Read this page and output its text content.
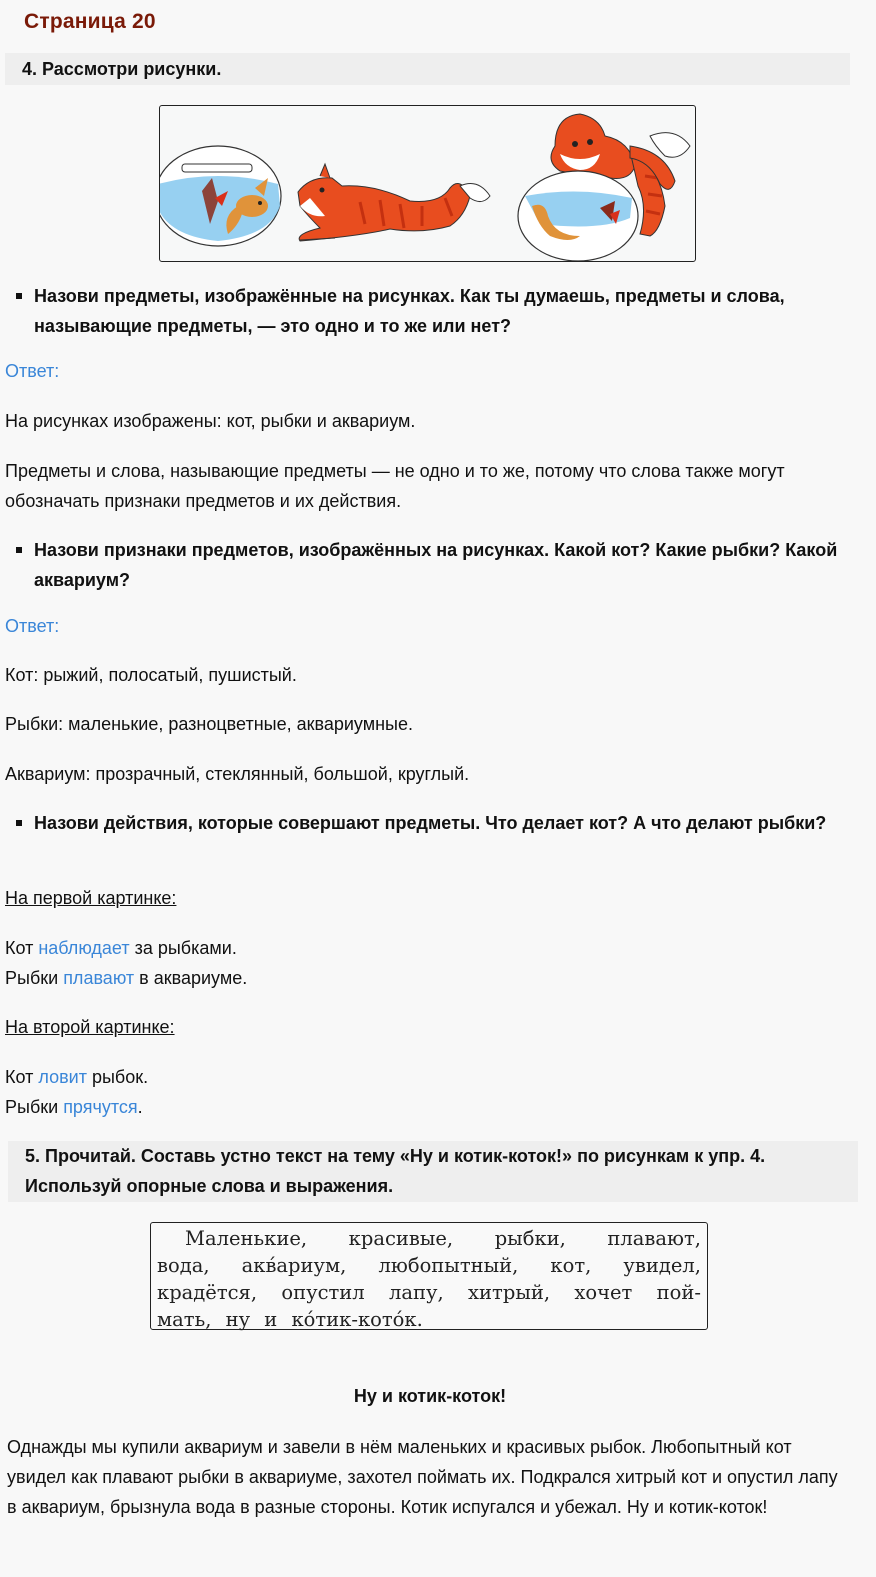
Страница 20
4. Рассмотри рисунки.
Назови предметы, изображённые на рисунках. Как ты думаешь, предметы и слова, называющие предметы, — это одно и то же или нет?
Ответ:
На рисунках изображены: кот, рыбки и аквариум.
Предметы и слова, называющие предметы — не одно и то же, потому что слова также могут обозначать признаки предметов и их действия.
Назови признаки предметов, изображённых на рисунках. Какой кот? Какие рыбки? Какой аквариум?
Ответ:
Кот: рыжий, полосатый, пушистый.
Рыбки: маленькие, разноцветные, аквариумные.
Аквариум: прозрачный, стеклянный, большой, круглый.
Назови действия, которые совершают предметы. Что делает кот? А что делают рыбки?
На первой картинке:
Кот наблюдает за рыбками.
Рыбки плавают в аквариуме.
На второй картинке:
Кот ловит рыбок.
Рыбки прячутся.
5. Прочитай. Составь устно текст на тему «Ну и котик-коток!» по рисункам к упр. 4.
Используй опорные слова и выражения.
Маленькие, красивые, рыбки, плавают,
вода, акв́ариум, любопытный, кот, увидел,
крадётся, опустил лапу, хитрый, хочет пой-
мать, ну и ко́тик-кото́к.
Ну и котик-коток!
Однажды мы купили аквариум и завели в нём маленьких и красивых рыбок. Любопытный кот увидел как плавают рыбки в аквариуме, захотел поймать их. Подкрался хитрый кот и опустил лапу в аквариум, брызнула вода в разные стороны. Котик испугался и убежал. Ну и котик-коток!
